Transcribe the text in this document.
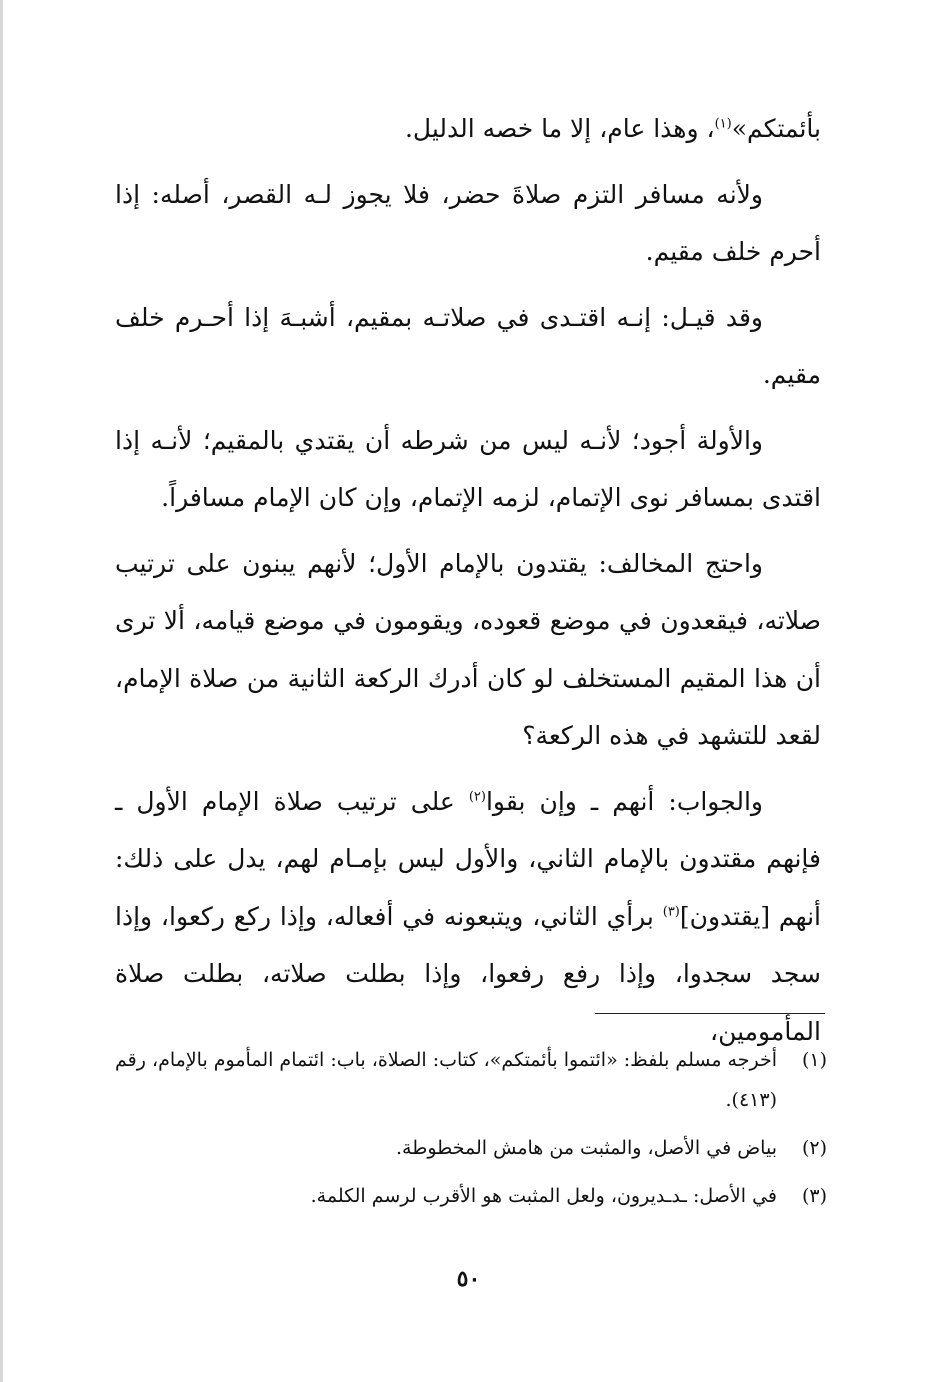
بأئمتكم»$^{(١)}$، وهذا عام، إلا ما خصه الدليل.

ولأنه مسافر التزم صلاةَ حضر، فلا يجوز لـه القصر، أصله: إذا أحرم خلف مقيم.

وقد قيـل: إنـه اقتـدى في صلاتـه بمقيم، أشبـهَ إذا أحـرم خلف مقيم.

والأولة أجود؛ لأنـه ليس من شرطه أن يقتدي بالمقيم؛ لأنـه إذا اقتدى بمسافر نوى الإتمام، لزمه الإتمام، وإن كان الإمام مسافراً.

واحتج المخالف: يقتدون بالإمام الأول؛ لأنهم يبنون على ترتيب صلاته، فيقعدون في موضع قعوده، ويقومون في موضع قيامه، ألا ترى أن هذا المقيم المستخلف لو كان أدرك الركعة الثانية من صلاة الإمام، لقعد للتشهد في هذه الركعة؟

والجواب: أنهم ـ وإن بقوا$^{(٢)}$ على ترتيب صلاة الإمام الأول ـ فإنهم مقتدون بالإمام الثاني، والأول ليس بإمـام لهم، يدل على ذلك: أنهم [يقتدون]$^{(٣)}$ برأي الثاني، ويتبعونه في أفعاله، وإذا ركع ركعوا، وإذا سجد سجدوا، وإذا رفع رفعوا، وإذا بطلت صلاته، بطلت صلاة المأمومين،

(١)
أخرجه مسلم بلفظ: «ائتموا بأئمتكم»، كتاب: الصلاة، باب: ائتمام المأموم بالإمام، رقم (٤١٣).
(٢)
بياض في الأصل، والمثبت من هامش المخطوطة.
(٣)
في الأصل: ـدـديرون، ولعل المثبت هو الأقرب لرسم الكلمة.
٥٠
